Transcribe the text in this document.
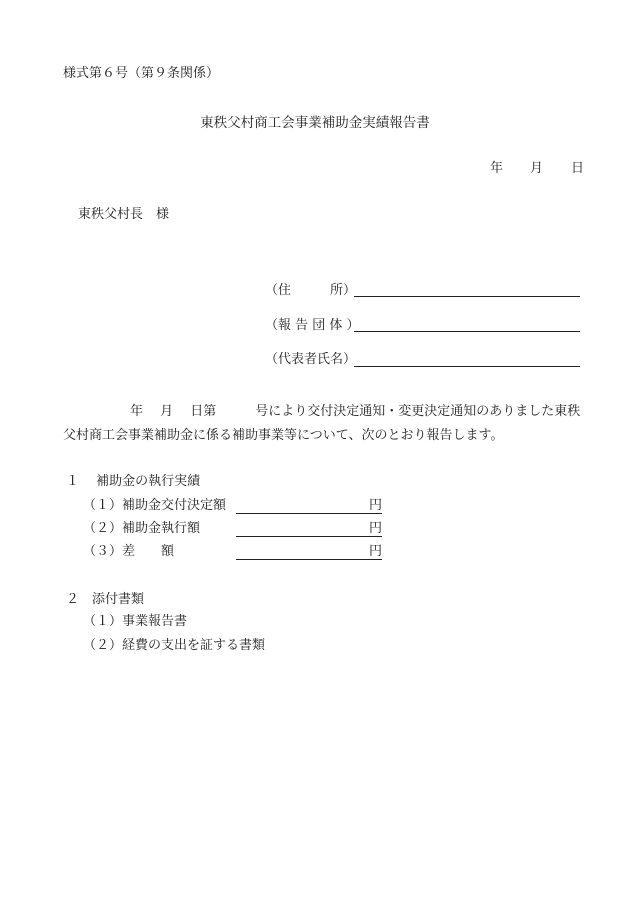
様式第６号（第９条関係）
東秩父村商工会事業補助金実績報告書
年 月 日
東秩父村長　様
（住　　　所）
（報 告 団 体 ）
（代表者氏名）
年　 月　 日第　　　号により交付決定通知・変更決定通知のありました東秩
父村商工会事業補助金に係る補助事業等について、次のとおり報告します。
１　 補助金の執行実績
（１）補助金交付決定額	円
（２）補助金執行額	円
（３）差　　額	円
２　添付書類
（１）事業報告書
（２）経費の支出を証する書類
